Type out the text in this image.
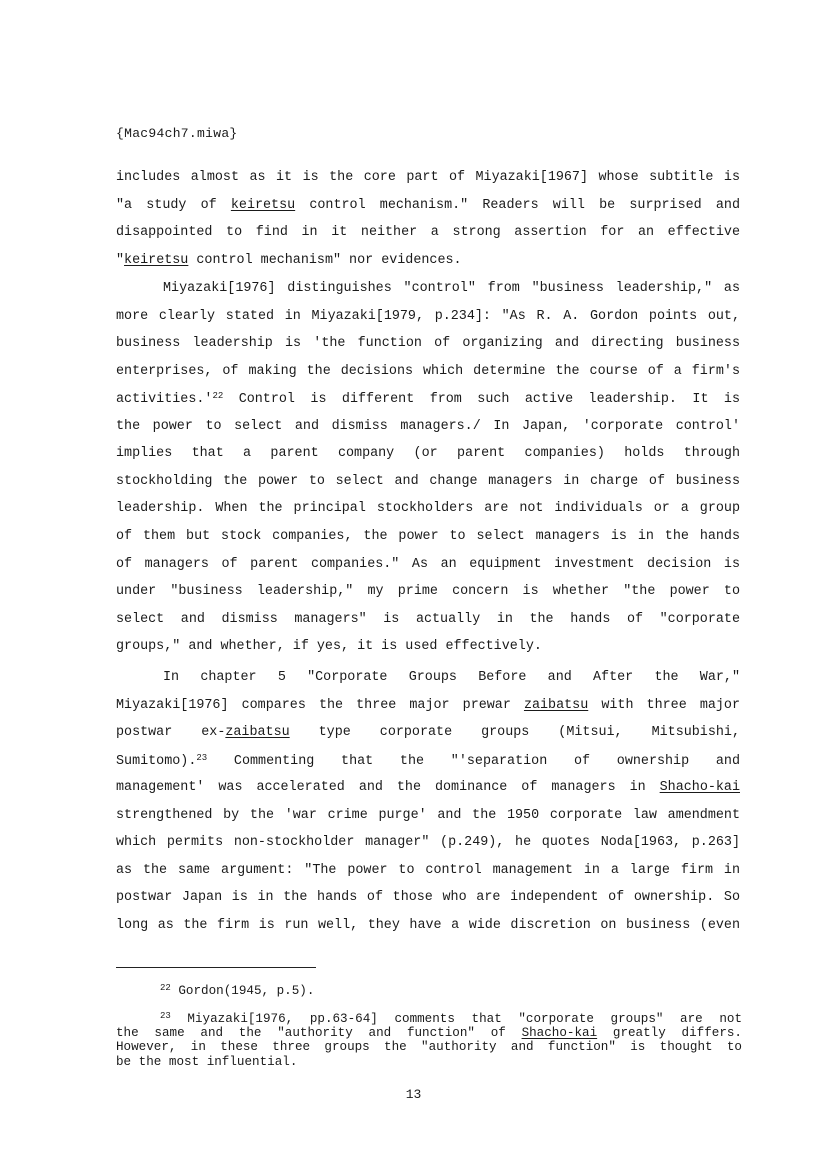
{Mac94ch7.miwa}
includes almost as it is the core part of Miyazaki[1967] whose subtitle is
"a study of keiretsu control mechanism." Readers will be surprised and
disappointed to find in it neither a strong assertion for an effective
"keiretsu control mechanism" nor evidences.
Miyazaki[1976] distinguishes "control" from "business leadership," as
more clearly stated in Miyazaki[1979, p.234]: "As R. A. Gordon points out,
business leadership is 'the function of organizing and directing business
enterprises, of making the decisions which determine the course of a firm's
$activities.'^{22}$ Control is different from such active leadership. It is
the power to select and dismiss managers./ In Japan, 'corporate control'
implies that a parent company (or parent companies) holds through
stockholding the power to select and change managers in charge of business
leadership. When the principal stockholders are not individuals or a group
of them but stock companies, the power to select managers is in the hands
of managers of parent companies." As an equipment investment decision is
under "business leadership," my prime concern is whether "the power to
select and dismiss managers" is actually in the hands of "corporate
groups," and whether, if yes, it is used effectively.
In chapter 5 "Corporate Groups Before and After the War,"
Miyazaki[1976] compares the three major prewar zaibatsu with three major
postwar ex-zaibatsu type corporate groups (Mitsui, Mitsubishi,
Sumitomo).$^{23}$ Commenting that the "'separation of ownership and
management' was accelerated and the dominance of managers in Shacho-kai
strengthened by the 'war crime purge' and the 1950 corporate law amendment
which permits non-stockholder manager" (p.249), he quotes Noda[1963, p.263]
as the same argument: "The power to control management in a large firm in
postwar Japan is in the hands of those who are independent of ownership. So
long as the firm is run well, they have a wide discretion on business (even
$^{22}$ Gordon(1945, p.5).
$^{23}$ Miyazaki[1976, pp.63-64] comments that "corporate groups" are not
the same and the "authority and function" of Shacho-kai greatly differs.
However, in these three groups the "authority and function" is thought to
be the most influential.
13
